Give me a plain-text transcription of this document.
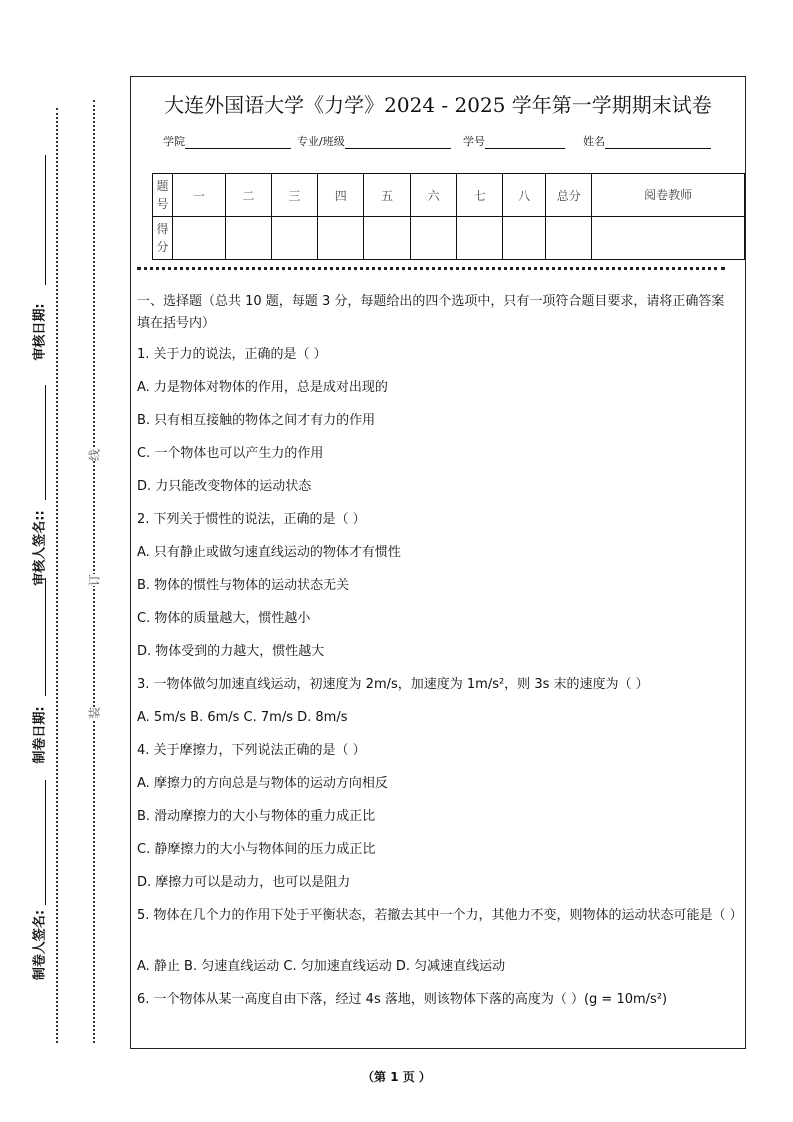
线
订
装
审核日期:
审核人签名::
制卷日期:
制卷人签名:
大连外国语大学《力学》2024 - 2025 学年第一学期期末试卷
学院	专业/班级	学号	姓名
题号	一	二	三	四	五	六	七	八	总分	阅卷教师
得分										
一、选择题（总共 10 题，每题 3 分，每题给出的四个选项中，只有一项符合题目要求，请将正确答案填在括号内）
1. 关于力的说法，正确的是（ ）
A. 力是物体对物体的作用，总是成对出现的
B. 只有相互接触的物体之间才有力的作用
C. 一个物体也可以产生力的作用
D. 力只能改变物体的运动状态
2. 下列关于惯性的说法，正确的是（ ）
A. 只有静止或做匀速直线运动的物体才有惯性
B. 物体的惯性与物体的运动状态无关
C. 物体的质量越大，惯性越小
D. 物体受到的力越大，惯性越大
3. 一物体做匀加速直线运动，初速度为 2m/s，加速度为 1m/s²，则 3s 末的速度为（ ）
A. 5m/s B. 6m/s C. 7m/s D. 8m/s
4. 关于摩擦力，下列说法正确的是（ ）
A. 摩擦力的方向总是与物体的运动方向相反
B. 滑动摩擦力的大小与物体的重力成正比
C. 静摩擦力的大小与物体间的压力成正比
D. 摩擦力可以是动力，也可以是阻力
5. 物体在几个力的作用下处于平衡状态，若撤去其中一个力，其他力不变，则物体的运动状态可能是（ ）
A. 静止 B. 匀速直线运动 C. 匀加速直线运动 D. 匀减速直线运动
6. 一个物体从某一高度自由下落，经过 4s 落地，则该物体下落的高度为（ ）(g = 10m/s²)
（第 1 页 ）
